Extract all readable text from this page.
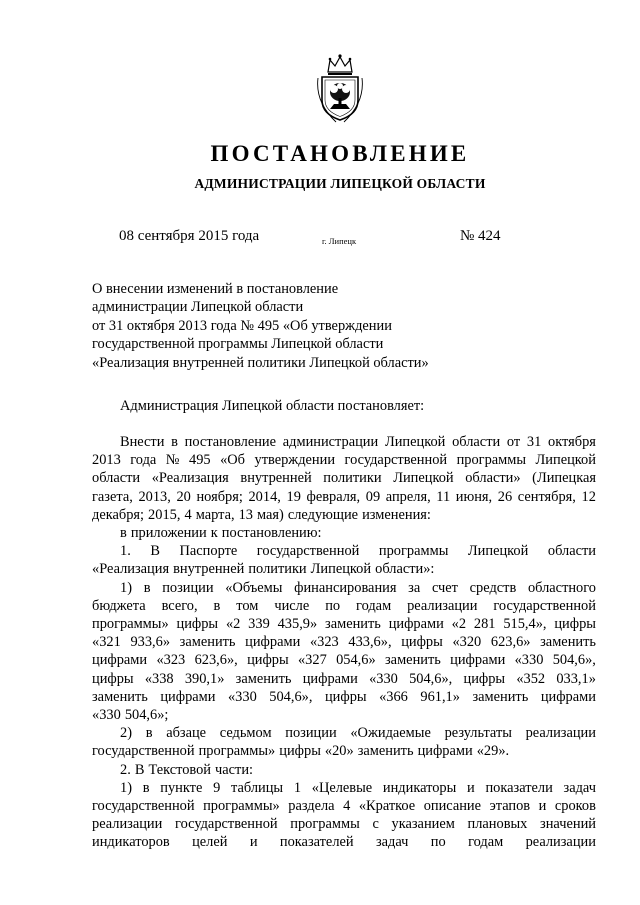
ПОСТАНОВЛЕНИЕ
АДМИНИСТРАЦИИ ЛИПЕЦКОЙ ОБЛАСТИ
08 сентября 2015 года	г. Липецк	№ 424
О внесении изменений в постановление
администрации Липецкой области
от 31 октября 2013 года № 495 «Об утверждении
государственной программы Липецкой области
«Реализация внутренней политики Липецкой области»
Администрация Липецкой области постановляет:
Внести в постановление администрации Липецкой области от 31 октября
2013 года № 495 «Об утверждении государственной программы Липецкой
области «Реализация внутренней политики Липецкой области» (Липецкая
газета, 2013, 20 ноября; 2014, 19 февраля, 09 апреля, 11 июня, 26 сентября, 12
декабря; 2015, 4 марта, 13 мая) следующие изменения:
в приложении к постановлению:
1. В Паспорте государственной программы Липецкой области
«Реализация внутренней политики Липецкой области»:
1) в позиции «Объемы финансирования за счет средств областного
бюджета всего, в том числе по годам реализации государственной
программы» цифры «2 339 435,9» заменить цифрами «2 281 515,4», цифры
«321 933,6» заменить цифрами «323 433,6», цифры «320 623,6» заменить
цифрами «323 623,6», цифры «327 054,6» заменить цифрами «330 504,6»,
цифры «338 390,1» заменить цифрами «330 504,6», цифры «352 033,1»
заменить цифрами «330 504,6», цифры «366 961,1» заменить цифрами
«330 504,6»;
2) в абзаце седьмом позиции «Ожидаемые результаты реализации
государственной программы» цифры «20» заменить цифрами «29».
2. В Текстовой части:
1) в пункте 9 таблицы 1 «Целевые индикаторы и показатели задач
государственной программы» раздела 4 «Краткое описание этапов и сроков
реализации государственной программы с указанием плановых значений
индикаторов целей и показателей задач по годам реализации
